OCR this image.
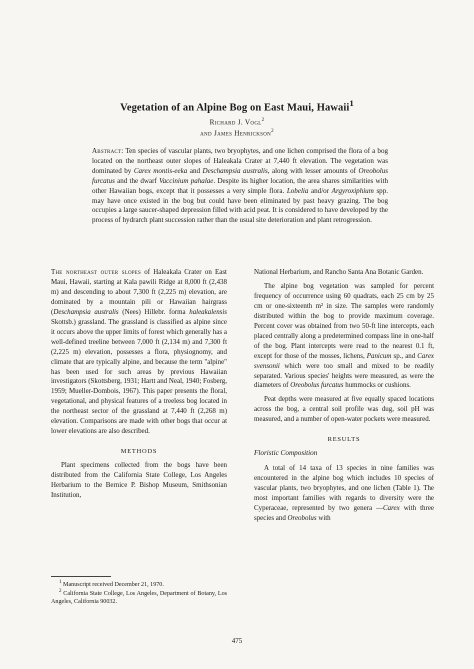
Vegetation of an Alpine Bog on East Maui, Hawaii$^1$
Richard J. Vogl$^2$
and James Henrickson$^2$
Abstract: Ten species of vascular plants, two bryophytes, and one lichen comprised the flora of a bog located on the northeast outer slopes of Haleakala Crater at 7,440 ft elevation. The vegetation was dominated by Carex montis-eeka and Deschampsia australis, along with lesser amounts of Oreobolus furcatus and the dwarf Vaccinium pahalae. Despite its higher location, the area shares similarities with other Hawaiian bogs, except that it possesses a very simple flora. Lobelia and/or Argyroxiphium spp. may have once existed in the bog but could have been eliminated by past heavy grazing. The bog occupies a large saucer-shaped depression filled with acid peat. It is considered to have developed by the process of hydrarch plant succession rather than the usual site deterioration and plant retrogression.

The northeast outer slopes of Haleakala Crater on East Maui, Hawaii, starting at Kala pawili Ridge at 8,000 ft (2,438 m) and descending to about 7,300 ft (2,225 m) elevation, are dominated by a mountain pili or Hawaiian hairgrass (Deschampsia australis (Nees) Hillebr. forma haleakalensis Skottsb.) grassland. The grassland is classified as alpine since it occurs above the upper limits of forest which generally has a well-defined treeline between 7,000 ft (2,134 m) and 7,300 ft (2,225 m) elevation, possesses a flora, physiognomy, and climate that are typically alpine, and because the term "alpine" has been used for such areas by previous Hawaiian investigators (Skottsberg, 1931; Hartt and Neal, 1940; Fosberg, 1959; Mueller-Dombois, 1967). This paper presents the floral, vegetational, and physical features of a treeless bog located in the northeast sector of the grassland at 7,440 ft (2,268 m) elevation. Comparisons are made with other bogs that occur at lower elevations are also described.

METHODS

Plant specimens collected from the bogs have been distributed from the California State College, Los Angeles Herbarium to the Bernice P. Bishop Museum, Smithsonian Institution,

National Herbarium, and Rancho Santa Ana Botanic Garden.

The alpine bog vegetation was sampled for percent frequency of occurrence using 60 quadrats, each 25 cm by 25 cm or one-sixteenth m² in size. The samples were randomly distributed within the bog to provide maximum coverage. Percent cover was obtained from two 50-ft line intercepts, each placed centrally along a predetermined compass line in one-half of the bog. Plant intercepts were read to the nearest 0.1 ft, except for those of the mosses, lichens, Panicum sp., and Carex svensonii which were too small and mixed to be readily separated. Various species' heights were measured, as were the diameters of Oreobolus furcatus hummocks or cushions.

Peat depths were measured at five equally spaced locations across the bog, a central soil profile was dug, soil pH was measured, and a number of open-water pockets were measured.

RESULTS
Floristic Composition

A total of 14 taxa of 13 species in nine families was encountered in the alpine bog which includes 10 species of vascular plants, two bryophytes, and one lichen (Table 1). The most important families with regards to diversity were the Cyperaceae, represented by two genera —Carex with three species and Oreobolus with

$^1$ Manuscript received December 21, 1970.
$^2$ California State College, Los Angeles, Department of Botany, Los Angeles, California 90032.
475
